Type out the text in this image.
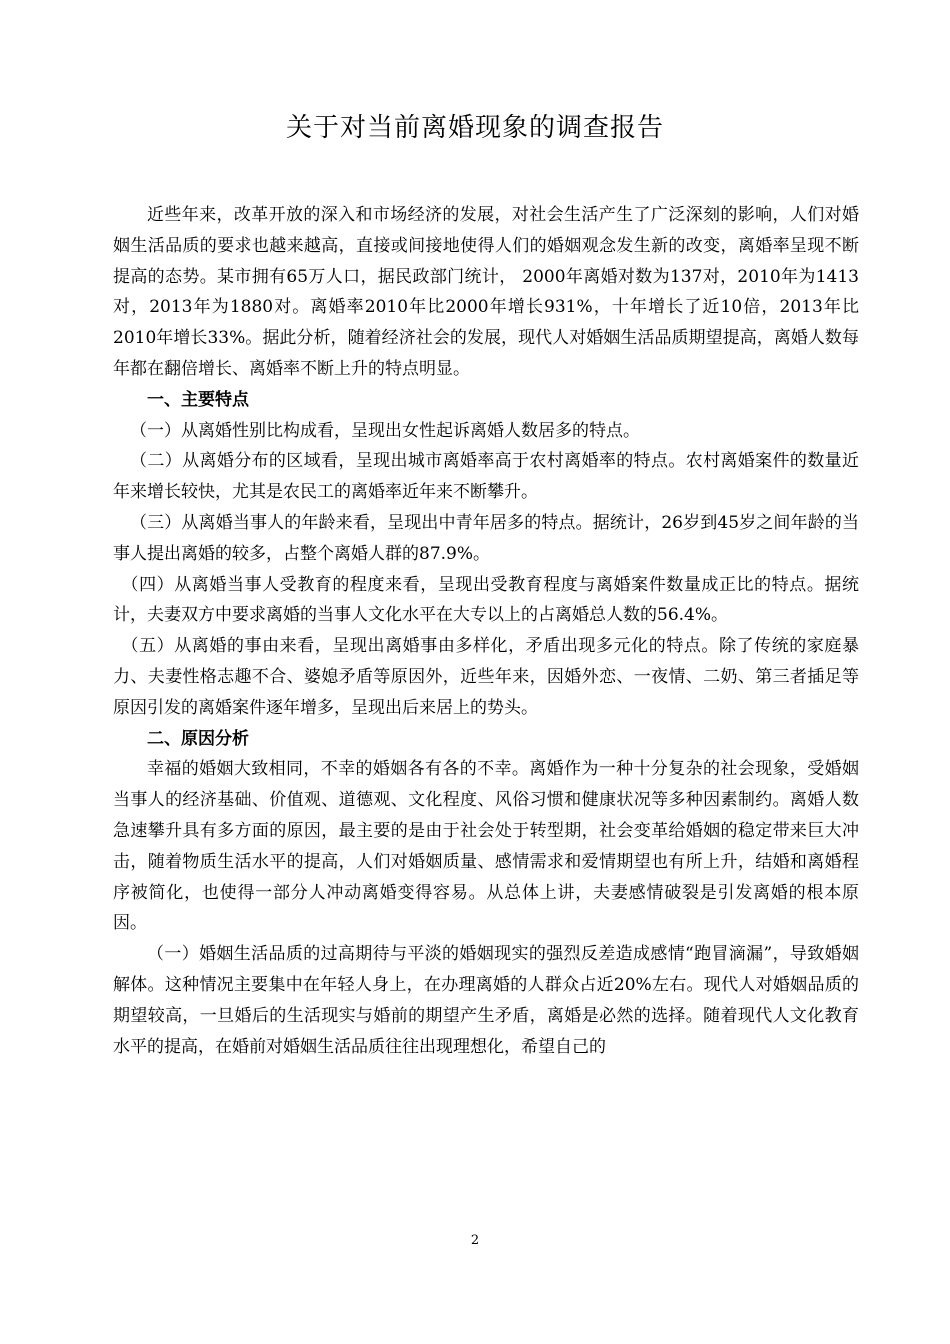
关于对当前离婚现象的调查报告

近些年来，改革开放的深入和市场经济的发展，对社会生活产生了广泛深刻的影响，人们对婚姻生活品质的要求也越来越高，直接或间接地使得人们的婚姻观念发生新的改变，离婚率呈现不断提高的态势。某市拥有65万人口，据民政部门统计， 2000年离婚对数为137对，2010年为1413对，2013年为1880对。离婚率2010年比2000年增长931%，十年增长了近10倍，2013年比2010年增长33%。据此分析，随着经济社会的发展，现代人对婚姻生活品质期望提高，离婚人数每年都在翻倍增长、离婚率不断上升的特点明显。

一、主要特点

（一）从离婚性别比构成看，呈现出女性起诉离婚人数居多的特点。

（二）从离婚分布的区域看，呈现出城市离婚率高于农村离婚率的特点。农村离婚案件的数量近年来增长较快，尤其是农民工的离婚率近年来不断攀升。

（三）从离婚当事人的年龄来看，呈现出中青年居多的特点。据统计，26岁到45岁之间年龄的当事人提出离婚的较多，占整个离婚人群的87.9%。

（四）从离婚当事人受教育的程度来看，呈现出受教育程度与离婚案件数量成正比的特点。据统计，夫妻双方中要求离婚的当事人文化水平在大专以上的占离婚总人数的56.4%。

（五）从离婚的事由来看，呈现出离婚事由多样化，矛盾出现多元化的特点。除了传统的家庭暴力、夫妻性格志趣不合、婆媳矛盾等原因外，近些年来，因婚外恋、一夜情、二奶、第三者插足等原因引发的离婚案件逐年增多，呈现出后来居上的势头。

二、原因分析

幸福的婚姻大致相同，不幸的婚姻各有各的不幸。离婚作为一种十分复杂的社会现象，受婚姻当事人的经济基础、价值观、道德观、文化程度、风俗习惯和健康状况等多种因素制约。离婚人数急速攀升具有多方面的原因，最主要的是由于社会处于转型期，社会变革给婚姻的稳定带来巨大冲击，随着物质生活水平的提高，人们对婚姻质量、感情需求和爱情期望也有所上升，结婚和离婚程序被简化，也使得一部分人冲动离婚变得容易。从总体上讲，夫妻感情破裂是引发离婚的根本原因。

（一）婚姻生活品质的过高期待与平淡的婚姻现实的强烈反差造成感情“跑冒滴漏”，导致婚姻解体。这种情况主要集中在年轻人身上，在办理离婚的人群众占近20%左右。现代人对婚姻品质的期望较高，一旦婚后的生活现实与婚前的期望产生矛盾，离婚是必然的选择。随着现代人文化教育水平的提高，在婚前对婚姻生活品质往往出现理想化，希望自己的

2
